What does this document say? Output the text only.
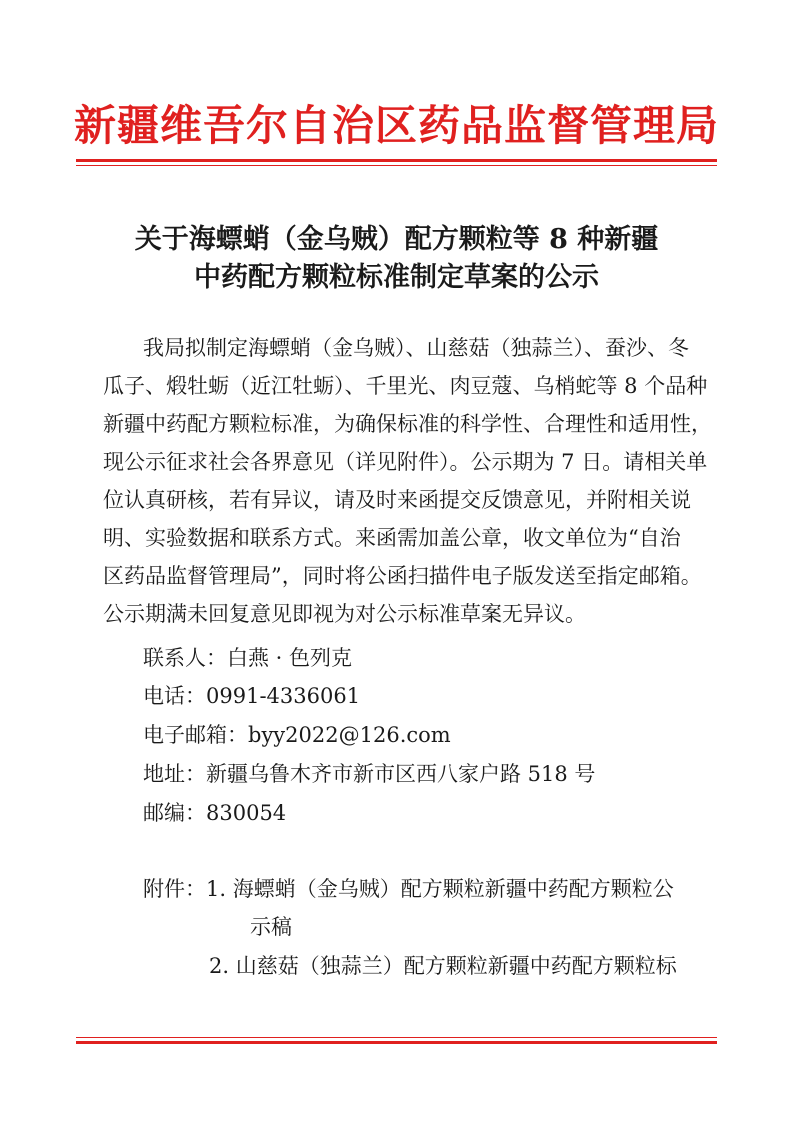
新疆维吾尔自治区药品监督管理局
关于海螵蛸（金乌贼）配方颗粒等 8 种新疆
中药配方颗粒标准制定草案的公示
我局拟制定海螵蛸（金乌贼）、山慈菇（独蒜兰）、蚕沙、冬
瓜子、煅牡蛎（近江牡蛎）、千里光、肉豆蔻、乌梢蛇等 8 个品种
新疆中药配方颗粒标准，为确保标准的科学性、合理性和适用性，
现公示征求社会各界意见（详见附件）。公示期为 7 日。请相关单
位认真研核，若有异议，请及时来函提交反馈意见，并附相关说
明、实验数据和联系方式。来函需加盖公章，收文单位为“自治
区药品监督管理局”，同时将公函扫描件电子版发送至指定邮箱。
公示期满未回复意见即视为对公示标准草案无异议。
联系人：白燕 · 色列克
电话：0991-4336061
电子邮箱：byy2022@126.com
地址：新疆乌鲁木齐市新市区西八家户路 518 号
邮编：830054
附件：1. 海螵蛸（金乌贼）配方颗粒新疆中药配方颗粒公
示稿
2. 山慈菇（独蒜兰）配方颗粒新疆中药配方颗粒标
